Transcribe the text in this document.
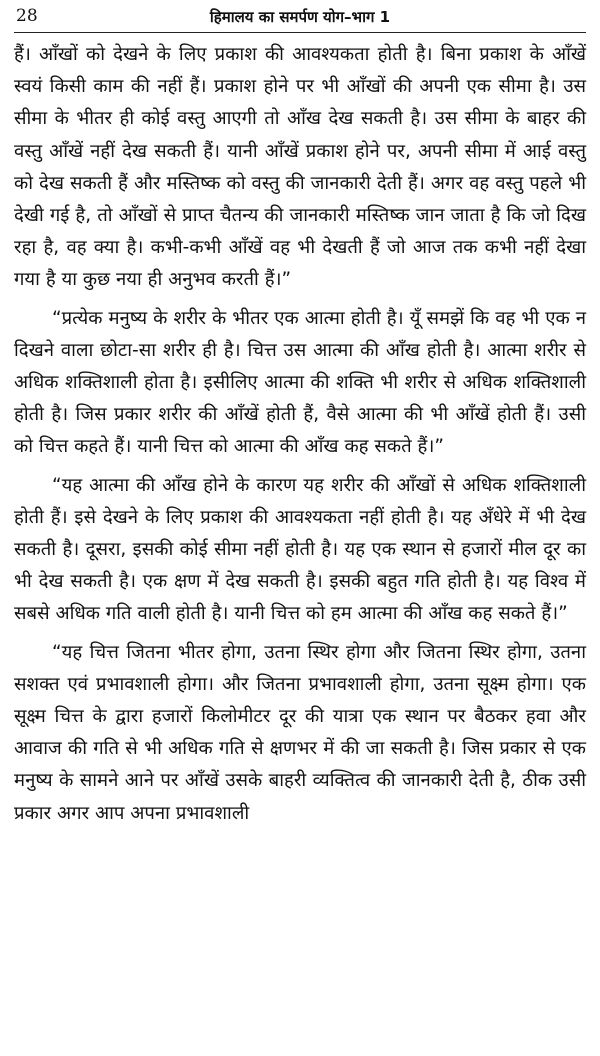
28	हिमालय का समर्पण योग–भाग 1

हैं। आँखों को देखने के लिए प्रकाश की आवश्यकता होती है। बिना प्रकाश के आँखें स्वयं किसी काम की नहीं हैं। प्रकाश होने पर भी आँखों की अपनी एक सीमा है। उस सीमा के भीतर ही कोई वस्तु आएगी तो आँख देख सकती है। उस सीमा के बाहर की वस्तु आँखें नहीं देख सकती हैं। यानी आँखें प्रकाश होने पर, अपनी सीमा में आई वस्तु को देख सकती हैं और मस्तिष्क को वस्तु की जानकारी देती हैं। अगर वह वस्तु पहले भी देखी गई है, तो आँखों से प्राप्त चैतन्य की जानकारी मस्तिष्क जान जाता है कि जो दिख रहा है, वह क्या है। कभी-कभी आँखें वह भी देखती हैं जो आज तक कभी नहीं देखा गया है या कुछ नया ही अनुभव करती हैं।”

“प्रत्येक मनुष्य के शरीर के भीतर एक आत्मा होती है। यूँ समझें कि वह भी एक न दिखने वाला छोटा-सा शरीर ही है। चित्त उस आत्मा की आँख होती है। आत्मा शरीर से अधिक शक्तिशाली होता है। इसीलिए आत्मा की शक्ति भी शरीर से अधिक शक्तिशाली होती है। जिस प्रकार शरीर की आँखें होती हैं, वैसे आत्मा की भी आँखें होती हैं। उसी को चित्त कहते हैं। यानी चित्त को आत्मा की आँख कह सकते हैं।”

“यह आत्मा की आँख होने के कारण यह शरीर की आँखों से अधिक शक्तिशाली होती हैं। इसे देखने के लिए प्रकाश की आवश्यकता नहीं होती है। यह अँधेरे में भी देख सकती है। दूसरा, इसकी कोई सीमा नहीं होती है। यह एक स्थान से हजारों मील दूर का भी देख सकती है। एक क्षण में देख सकती है। इसकी बहुत गति होती है। यह विश्व में सबसे अधिक गति वाली होती है। यानी चित्त को हम आत्मा की आँख कह सकते हैं।”

“यह चित्त जितना भीतर होगा, उतना स्थिर होगा और जितना स्थिर होगा, उतना सशक्त एवं प्रभावशाली होगा। और जितना प्रभावशाली होगा, उतना सूक्ष्म होगा। एक सूक्ष्म चित्त के द्वारा हजारों किलोमीटर दूर की यात्रा एक स्थान पर बैठकर हवा और आवाज की गति से भी अधिक गति से क्षणभर में की जा सकती है। जिस प्रकार से एक मनुष्य के सामने आने पर आँखें उसके बाहरी व्यक्तित्व की जानकारी देती है, ठीक उसी प्रकार अगर आप अपना प्रभावशाली
